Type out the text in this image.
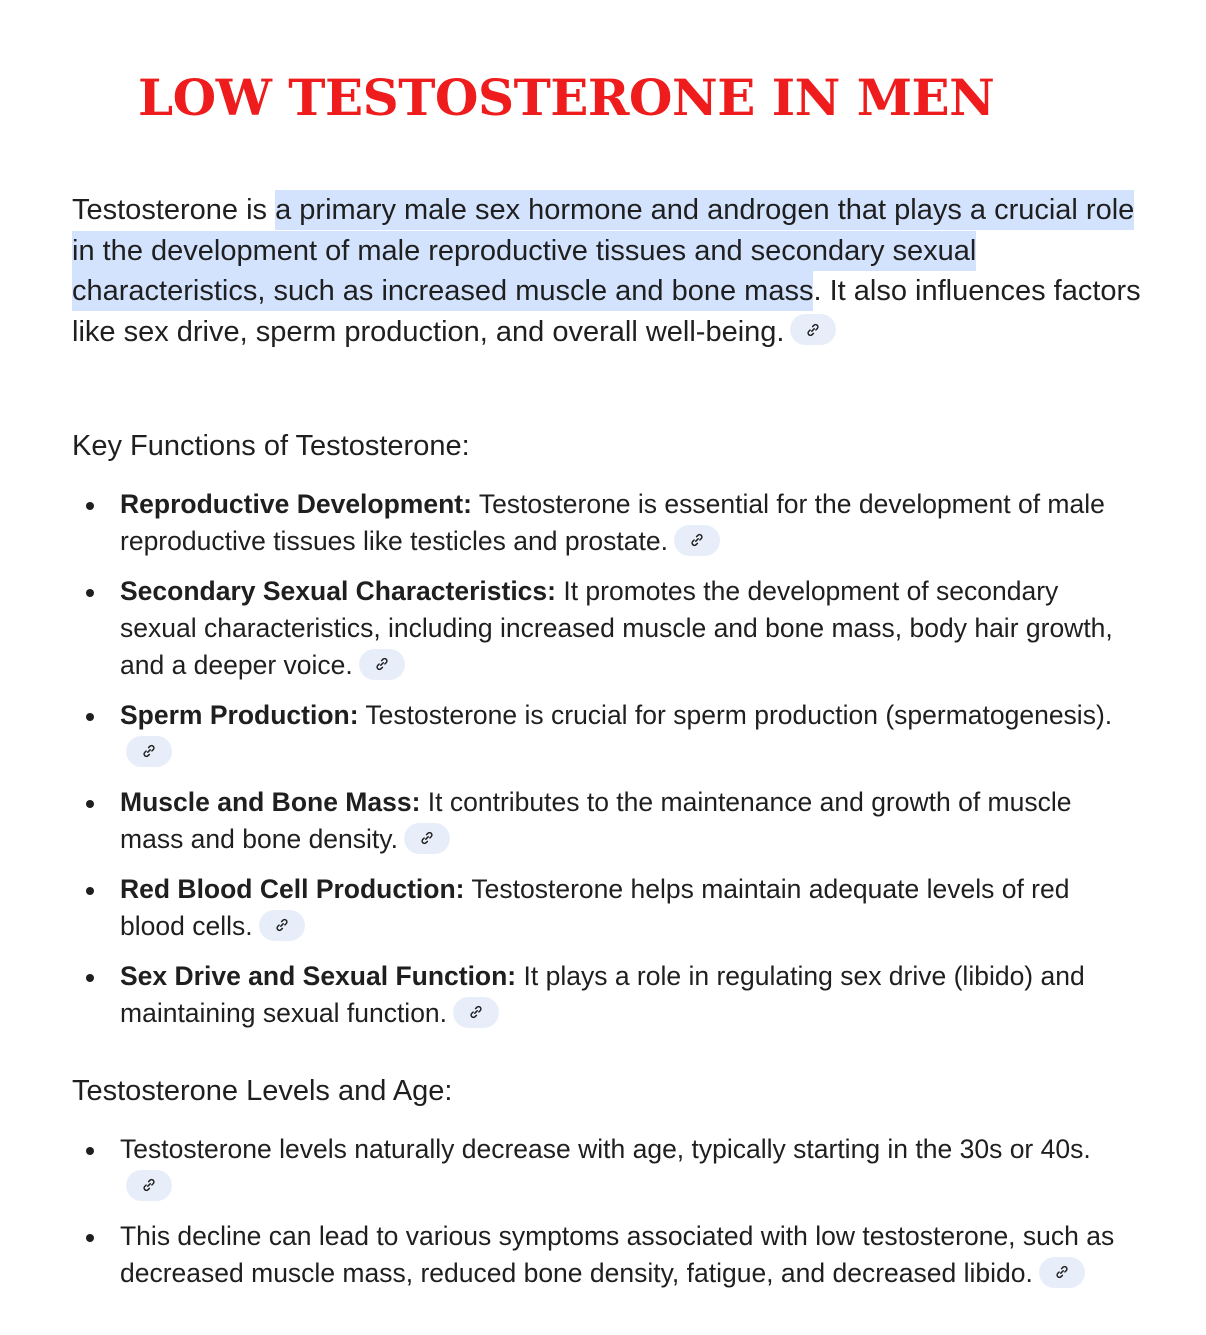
LOW TESTOSTERONE IN MEN

Testosterone is a primary male sex hormone and androgen that plays a crucial role in the development of male reproductive tissues and secondary sexual characteristics, such as increased muscle and bone mass. It also influences factors like sex drive, sperm production, and overall well-being.

Key Functions of Testosterone:
Reproductive Development: Testosterone is essential for the development of male reproductive tissues like testicles and prostate.
Secondary Sexual Characteristics: It promotes the development of secondary sexual characteristics, including increased muscle and bone mass, body hair growth, and a deeper voice.
Sperm Production: Testosterone is crucial for sperm production (spermatogenesis).
Muscle and Bone Mass: It contributes to the maintenance and growth of muscle mass and bone density.
Red Blood Cell Production: Testosterone helps maintain adequate levels of red blood cells.
Sex Drive and Sexual Function: It plays a role in regulating sex drive (libido) and maintaining sexual function.
Testosterone Levels and Age:
Testosterone levels naturally decrease with age, typically starting in the 30s or 40s.
This decline can lead to various symptoms associated with low testosterone, such as decreased muscle mass, reduced bone density, fatigue, and decreased libido.
